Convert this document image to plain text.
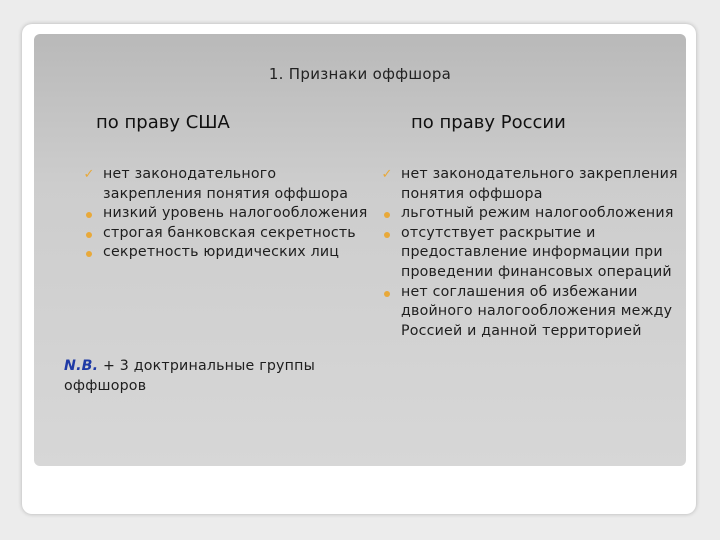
1. Признаки оффшора
по праву США	по праву России
✓ нет законодательного закрепления понятия оффшора
низкий уровень налогообложения
строгая банковская секретность
секретность юридических лиц
✓ нет законодательного закрепления понятия оффшора
льготный режим налогообложения
отсутствует раскрытие и предоставление информации при проведении финансовых операций
нет соглашения об избежании двойного налогообложения между Россией и данной территорией
N.B. + 3 доктринальные группы оффшоров
